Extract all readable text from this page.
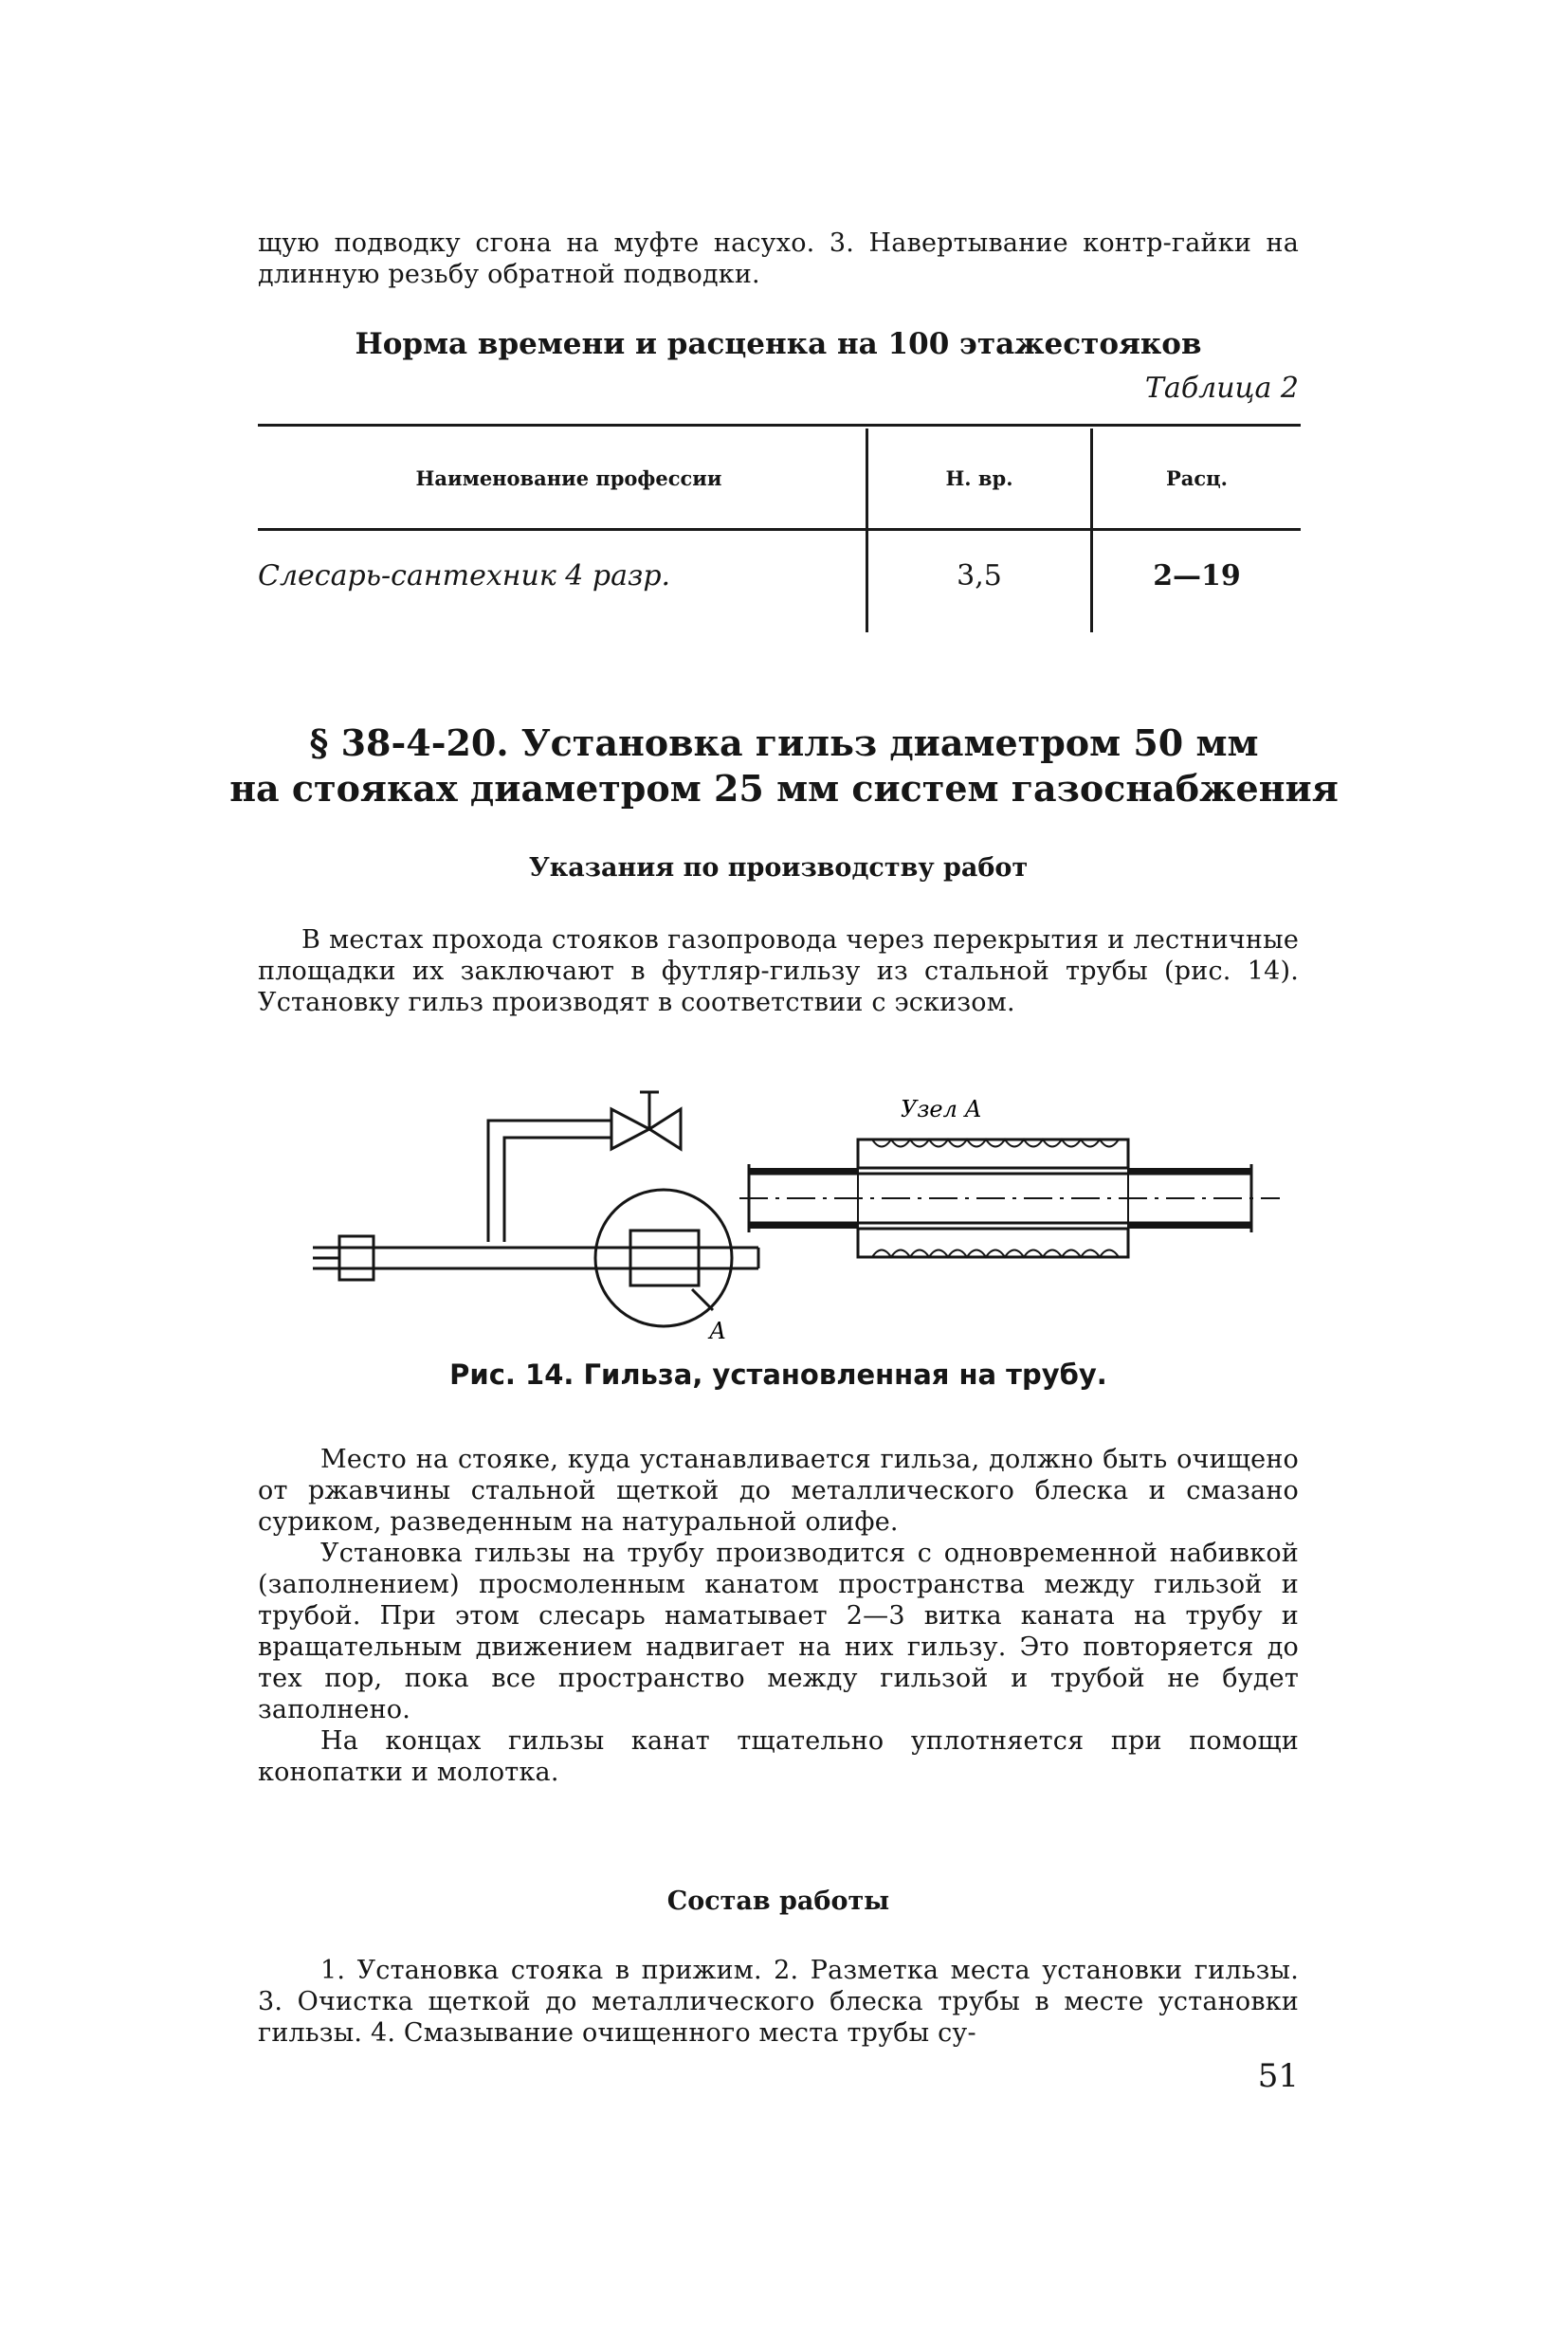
щую подводку сгона на муфте насухо. 3. Навертывание контр-гайки на длинную резьбу обратной подводки.
Норма времени и расценка на 100 этажестояков
Таблица 2
Наименование профессии	Н. вр.	Расц.
Слесарь-сантехник 4 разр.	3,5	2—19
§ 38-4-20. Установка гильз диаметром 50 мм
на стояках диаметром 25 мм систем газоснабжения
Указания по производству работ
В местах прохода стояков газопровода через перекрытия и лестничные площадки их заключают в футляр-гильзу из стальной трубы (рис. 14). Установку гильз производят в соответствии с эскизом.
А
Узел А
Рис. 14. Гильза, установленная на трубу.
Место на стояке, куда устанавливается гильза, должно быть очищено от ржавчины стальной щеткой до металлического блеска и смазано суриком, разведенным на натуральной олифе.
Установка гильзы на трубу производится с одновременной набивкой (заполнением) просмоленным канатом пространства между гильзой и трубой. При этом слесарь наматывает 2—3 витка каната на трубу и вращательным движением надвигает на них гильзу. Это повторяется до тех пор, пока все пространство между гильзой и трубой не будет заполнено.
На концах гильзы канат тщательно уплотняется при помощи конопатки и молотка.
Состав работы
1. Установка стояка в прижим. 2. Разметка места установки гильзы. 3. Очистка щеткой до металлического блеска трубы в месте установки гильзы. 4. Смазывание очищенного места трубы су-
51
